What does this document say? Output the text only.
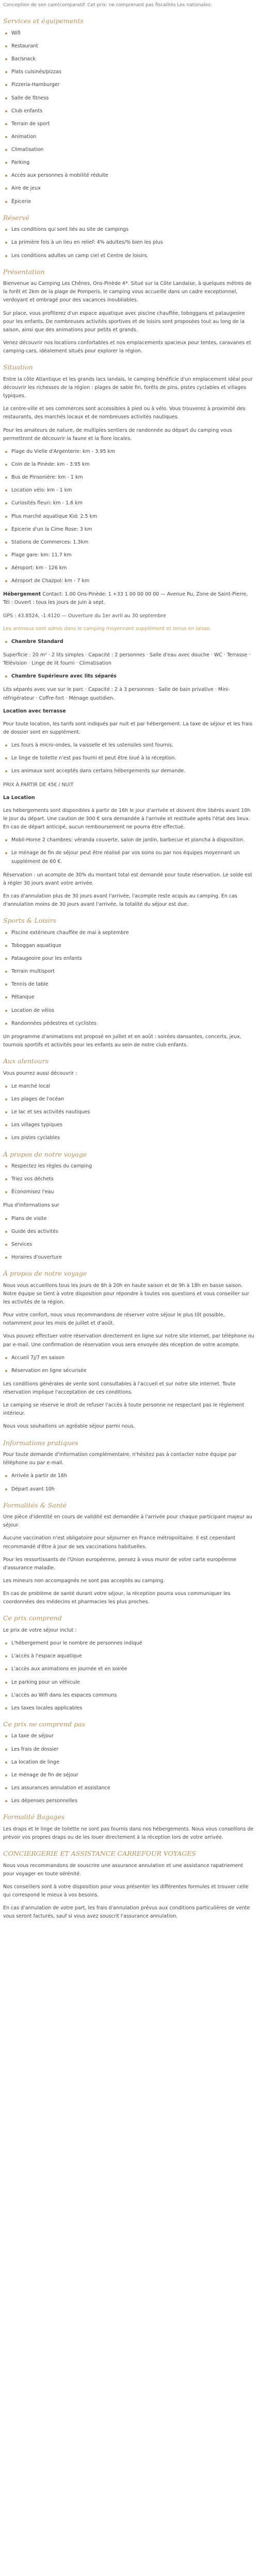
Conception de son cam(comparatif. Cet prix: ne comprenant pas fiscalités Les nationales:

Services et équipements
Wifi
Restaurant
Bar/snack
Plats cuisinés/pizzas
Pizzeria-Hamburger
Salle de fitness
Club enfants
Terrain de sport
Animation
Climatisation
Parking
Accès aux personnes à mobilité réduite
Aire de jeux
Épicerie
Réservé
Les conditions qui sont liés au site de campings
La primière fois à un lieu en relief: 4% adultes/% bien les plus
Les conditions adultes un camp ciel et Centre de loisirs.
Présentation

Bienvenue au Camping Les Chênes, Ons-Pinède 4*. Situé sur la Côte Landaise, à quelques mètres de la forêt et 2km de la plage de Pomperis, le camping vous accueille dans un cadre exceptionnel, verdoyant et ombragé pour des vacances inoubliables.

Sur place, vous profiterez d'un espace aquatique avec piscine chauffée, toboggans et pataugeoire pour les enfants. De nombreuses activités sportives et de loisirs sont proposées tout au long de la saison, ainsi que des animations pour petits et grands.

Venez découvrir nos locations confortables et nos emplacements spacieux pour tentes, caravanes et camping-cars, idéalement situés pour explorer la région.

Situation

Entre la côte Atlantique et les grands lacs landais, le camping bénéficie d'un emplacement idéal pour découvrir les richesses de la région : plages de sable fin, forêts de pins, pistes cyclables et villages typiques.

Le centre-ville et ses commerces sont accessibles à pied ou à vélo. Vous trouverez à proximité des restaurants, des marchés locaux et de nombreuses activités nautiques.

Pour les amateurs de nature, de multiples sentiers de randonnée au départ du camping vous permettront de découvrir la faune et la flore locales.

Plage du Vielle d'Argenterie: km - 3.95 km
Coin de la Pinède: km - 3.95 km
Bus de Pinsonière: km - 1 km
Location vélo: km - 1 km
Curiosités fleuri: km - 1.6 km
Plus marché aquatique Kid: 2.5 km
Epicerie d'un la Cime Rose: 3 km
Stations de Commerces: 1.3km
Plage gare: km: 11.7 km
Aéroport: km - 126 km
Aéroport de Chazpol: km - 7 km

Hébergement Contact: 1.00 Ons-Pinède: 1 +33 1 00 00 00 00 — Avenue Ru, Zone de Saint-Pierre, Tél : Ouvert : tous les jours de juin à sept.

GPS : 43.8524, -1.4120 — Ouverture du 1er avril au 30 septembre

Les animaux sont admis dans le camping moyennant supplément et tenus en laisse.

Chambre Standard

Superficie : 20 m² · 2 lits simples · Capacité : 2 personnes · Salle d'eau avec douche · WC · Terrasse · Télévision · Linge de lit fourni · Climatisation

Chambre Supérieure avec lits séparés

Lits séparés avec vue sur le parc · Capacité : 2 à 3 personnes · Salle de bain privative · Mini-réfrigérateur · Coffre-fort · Ménage quotidien.

Location avec terrasse

Pour toute location, les tarifs sont indiqués par nuit et par hébergement. La taxe de séjour et les frais de dossier sont en supplément.

Les fours à micro-ondes, la vaisselle et les ustensiles sont fournis.
Le linge de toilette n'est pas fourni et peut être loué à la réception.
Les animaux sont acceptés dans certains hébergements sur demande.

PRIX À PARTIR DE 45€ / NUIT

La Location

Les hébergements sont disponibles à partir de 16h le jour d'arrivée et doivent être libérés avant 10h le jour du départ. Une caution de 300 € sera demandée à l'arrivée et restituée après l'état des lieux. En cas de départ anticipé, aucun remboursement ne pourra être effectué.

Mobil-Home 2 chambres: véranda couverte, salon de jardin, barbecue et plancha à disposition.
Le ménage de fin de séjour peut être réalisé par vos soins ou par nos équipes moyennant un supplément de 60 €.

Réservation : un acompte de 30% du montant total est demandé pour toute réservation. Le solde est à régler 30 jours avant votre arrivée.

En cas d'annulation plus de 30 jours avant l'arrivée, l'acompte reste acquis au camping. En cas d'annulation moins de 30 jours avant l'arrivée, la totalité du séjour est due.

Sports & Loisirs
Piscine extérieure chauffée de mai à septembre
Toboggan aquatique
Pataugeoire pour les enfants
Terrain multisport
Tennis de table
Pétanque
Location de vélos
Randonnées pédestres et cyclistes

Un programme d'animations est proposé en juillet et en août : soirées dansantes, concerts, jeux, tournois sportifs et activités pour les enfants au sein de notre club enfants.

Aux alentours

Vous pourrez aussi découvrir :

Le marché local
Les plages de l'océan
Le lac et ses activités nautiques
Les villages typiques
Les pistes cyclables
À propos de notre voyage
Respectez les règles du camping
Triez vos déchets
Économisez l'eau

Plus d'informations sur

Plans de visite
Guide des activités
Services
Horaires d'ouverture
À propos de notre voyage

Nous vous accueillons tous les jours de 8h à 20h en haute saison et de 9h à 18h en basse saison. Notre équipe se tient à votre disposition pour répondre à toutes vos questions et vous conseiller sur les activités de la région.

Pour votre confort, nous vous recommandons de réserver votre séjour le plus tôt possible, notamment pour les mois de juillet et d'août.

Vous pouvez effectuer votre réservation directement en ligne sur notre site internet, par téléphone ou par e-mail. Une confirmation de réservation vous sera envoyée dès réception de votre acompte.

Accueil 7j/7 en saison
Réservation en ligne sécurisée

Les conditions générales de vente sont consultables à l'accueil et sur notre site internet. Toute réservation implique l'acceptation de ces conditions.

Le camping se réserve le droit de refuser l'accès à toute personne ne respectant pas le règlement intérieur.

Nous vous souhaitons un agréable séjour parmi nous.

Informations pratiques

Pour toute demande d'information complémentaire, n'hésitez pas à contacter notre équipe par téléphone ou par e-mail.

Arrivée à partir de 16h
Départ avant 10h
Formalités & Santé

Une pièce d'identité en cours de validité est demandée à l'arrivée pour chaque participant majeur au séjour.

Aucune vaccination n'est obligatoire pour séjourner en France métropolitaine. Il est cependant recommandé d'être à jour de ses vaccinations habituelles.

Pour les ressortissants de l'Union européenne, pensez à vous munir de votre carte européenne d'assurance maladie.

Les mineurs non accompagnés ne sont pas acceptés au camping.

En cas de problème de santé durant votre séjour, la réception pourra vous communiquer les coordonnées des médecins et pharmacies les plus proches.

Ce prix comprend

Le prix de votre séjour inclut :

L'hébergement pour le nombre de personnes indiqué
L'accès à l'espace aquatique
L'accès aux animations en journée et en soirée
Le parking pour un véhicule
L'accès au Wifi dans les espaces communs
Les taxes locales applicables
Ce prix ne comprend pas
La taxe de séjour
Les frais de dossier
La location de linge
Le ménage de fin de séjour
Les assurances annulation et assistance
Les dépenses personnelles
Formalité Bagages

Les draps et le linge de toilette ne sont pas fournis dans nos hébergements. Nous vous conseillons de prévoir vos propres draps ou de les louer directement à la réception lors de votre arrivée.

CONCIERGERIE ET ASSISTANCE CARREFOUR VOYAGES

Nous vous recommandons de souscrire une assurance annulation et une assistance rapatriement pour voyager en toute sérénité.

Nos conseillers sont à votre disposition pour vous présenter les différentes formules et trouver celle qui correspond le mieux à vos besoins.

En cas d'annulation de votre part, les frais d'annulation prévus aux conditions particulières de vente vous seront facturés, sauf si vous avez souscrit l'assurance annulation.
